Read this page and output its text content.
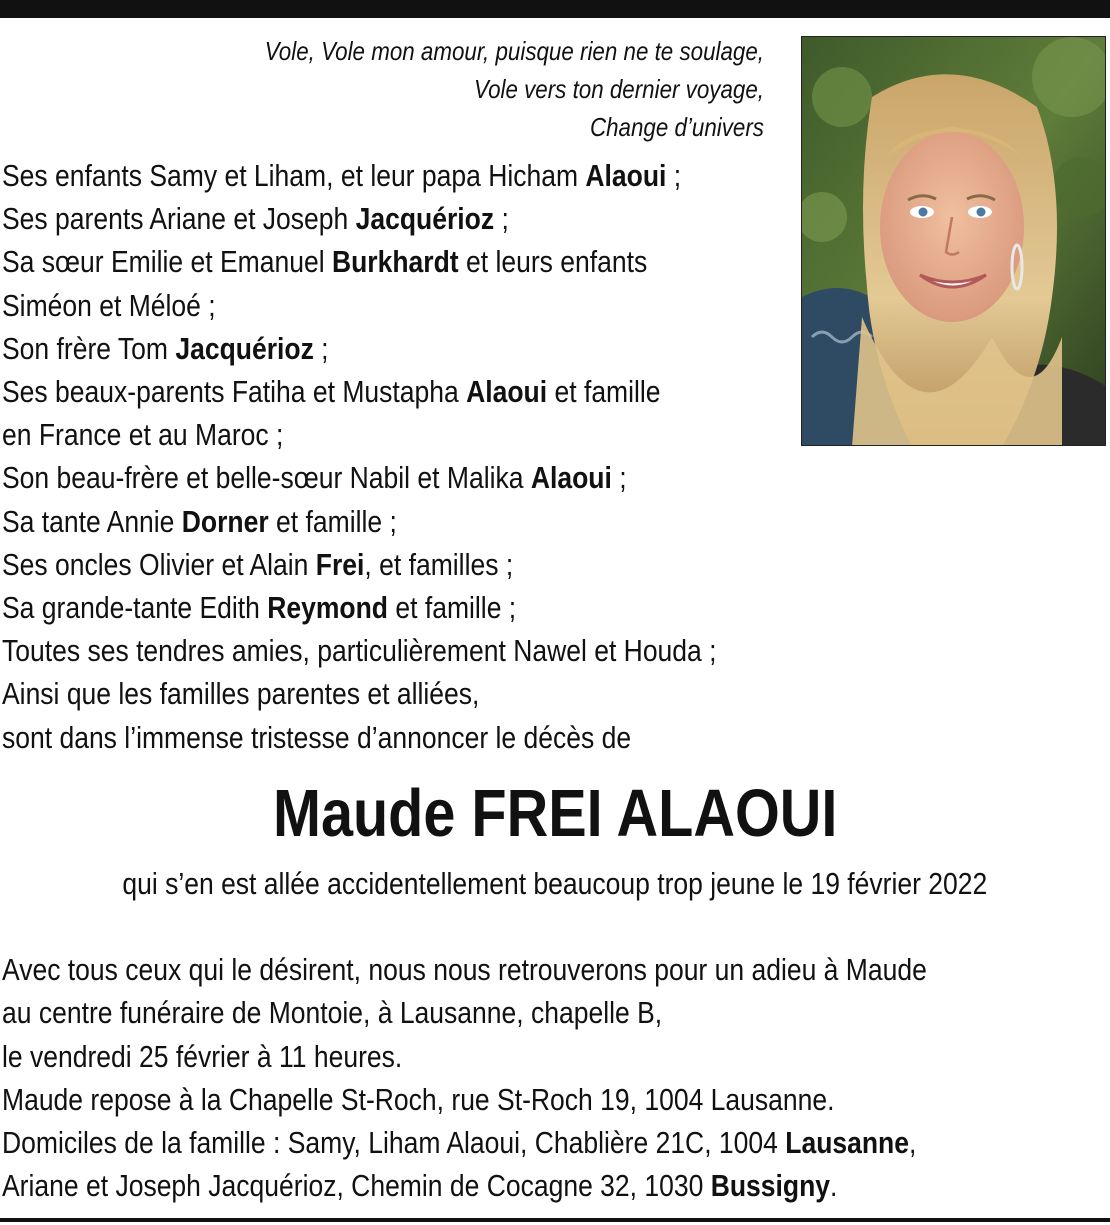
Vole, Vole mon amour, puisque rien ne te soulage,
Vole vers ton dernier voyage,
Change d’univers
Ses enfants Samy et Liham, et leur papa Hicham Alaoui ;
Ses parents Ariane et Joseph Jacquérioz ;
Sa sœur Emilie et Emanuel Burkhardt et leurs enfants
Siméon et Méloé ;
Son frère Tom Jacquérioz ;
Ses beaux-parents Fatiha et Mustapha Alaoui et famille
en France et au Maroc ;
Son beau-frère et belle-sœur Nabil et Malika Alaoui ;
Sa tante Annie Dorner et famille ;
Ses oncles Olivier et Alain Frei, et familles ;
Sa grande-tante Edith Reymond et famille ;
Toutes ses tendres amies, particulièrement Nawel et Houda ;
Ainsi que les familles parentes et alliées,
sont dans l’immense tristesse d’annoncer le décès de
Maude FREI ALAOUI
qui s’en est allée accidentellement beaucoup trop jeune le 19 février 2022
Avec tous ceux qui le désirent, nous nous retrouverons pour un adieu à Maude
au centre funéraire de Montoie, à Lausanne, chapelle B,
le vendredi 25 février à 11 heures.
Maude repose à la Chapelle St-Roch, rue St-Roch 19, 1004 Lausanne.
Domiciles de la famille : Samy, Liham Alaoui, Chablière 21C, 1004 Lausanne,
Ariane et Joseph Jacquérioz, Chemin de Cocagne 32, 1030 Bussigny.
